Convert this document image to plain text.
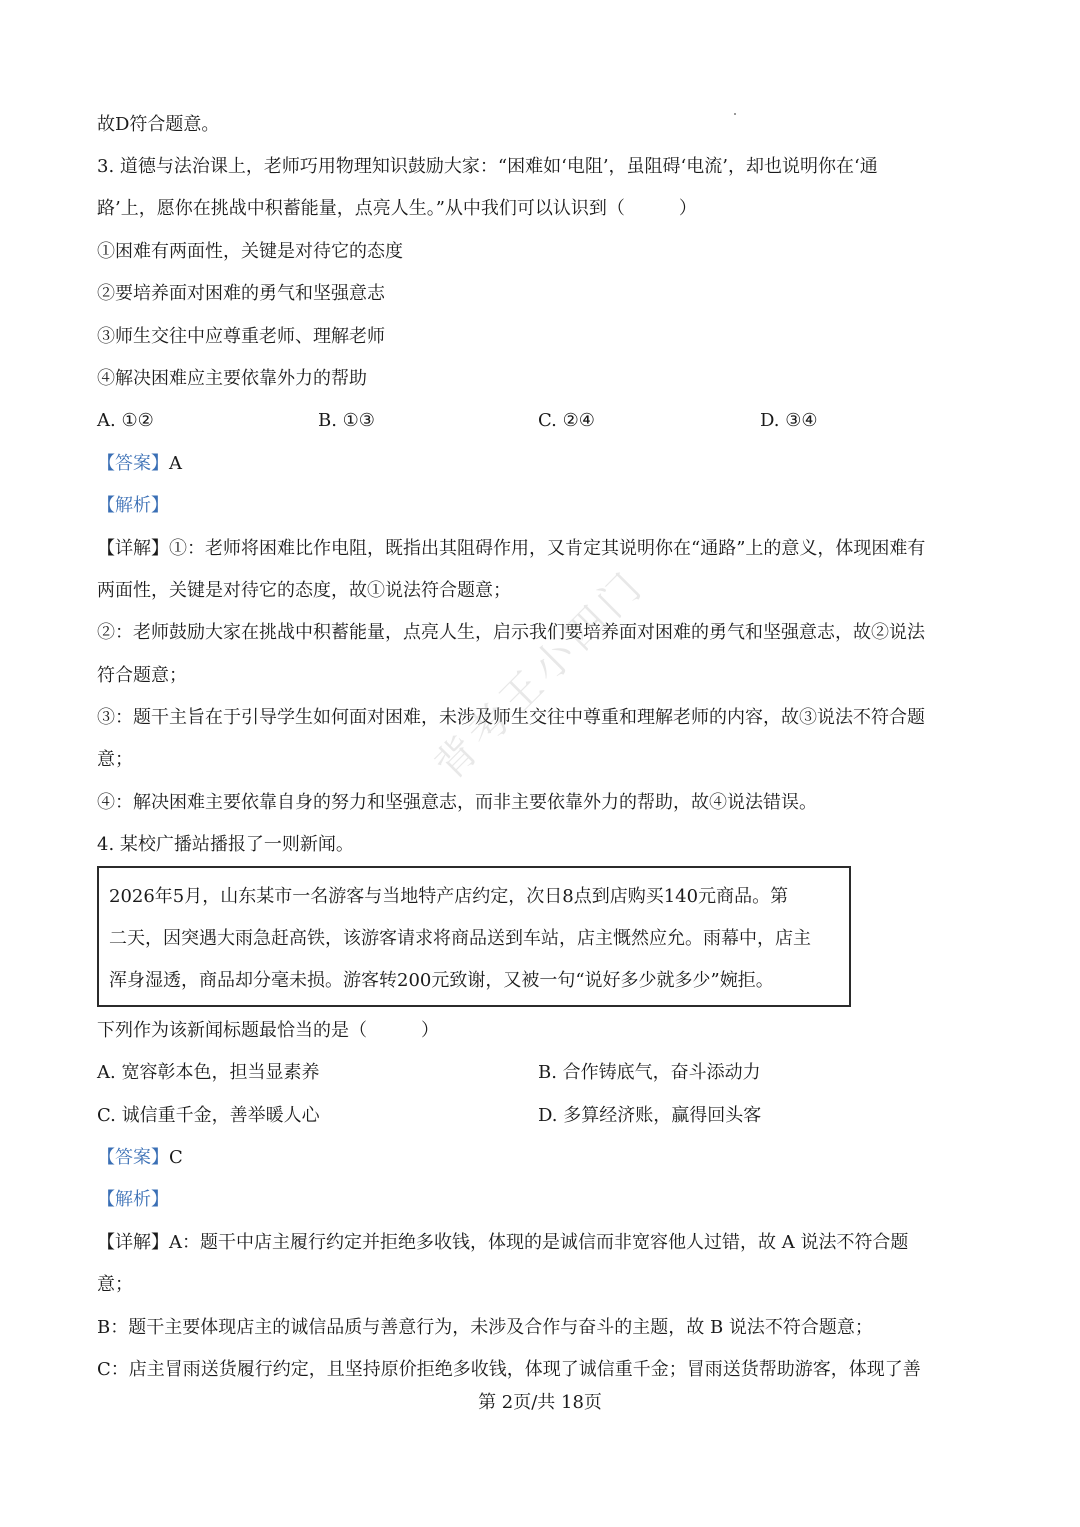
故D符合题意。
3. 道德与法治课上，老师巧用物理知识鼓励大家：“困难如‘电阻’，虽阻碍‘电流’，却也说明你在‘通
路’上，愿你在挑战中积蓄能量，点亮人生。”从中我们可以认识到（　　　）
①困难有两面性，关键是对待它的态度
②要培养面对困难的勇气和坚强意志
③师生交往中应尊重老师、理解老师
④解决困难应主要依靠外力的帮助
A. ①②	B. ①③	C. ②④	D. ③④
【答案】A
【解析】
【详解】①：老师将困难比作电阻，既指出其阻碍作用，又肯定其说明你在“通路”上的意义，体现困难有
两面性，关键是对待它的态度，故①说法符合题意；
②：老师鼓励大家在挑战中积蓄能量，点亮人生，启示我们要培养面对困难的勇气和坚强意志，故②说法
符合题意；
③：题干主旨在于引导学生如何面对困难，未涉及师生交往中尊重和理解老师的内容，故③说法不符合题
意；
④：解决困难主要依靠自身的努力和坚强意志，而非主要依靠外力的帮助，故④说法错误。
4. 某校广播站播报了一则新闻。
2026年5月，山东某市一名游客与当地特产店约定，次日8点到店购买140元商品。第
二天，因突遇大雨急赶高铁，该游客请求将商品送到车站，店主慨然应允。雨幕中，店主
浑身湿透，商品却分毫未损。游客转200元致谢，又被一句“说好多少就多少”婉拒。
下列作为该新闻标题最恰当的是（　　　）
A. 宽容彰本色，担当显素养	B. 合作铸底气，奋斗添动力
C. 诚信重千金，善举暖人心	D. 多算经济账，赢得回头客
【答案】C
【解析】
【详解】A：题干中店主履行约定并拒绝多收钱，体现的是诚信而非宽容他人过错，故 A 说法不符合题
意；
B：题干主要体现店主的诚信品质与善意行为，未涉及合作与奋斗的主题，故 B 说法不符合题意；
C：店主冒雨送货履行约定，且坚持原价拒绝多收钱，体现了诚信重千金；冒雨送货帮助游客，体现了善
背考王小四门
第 2页/共 18页
